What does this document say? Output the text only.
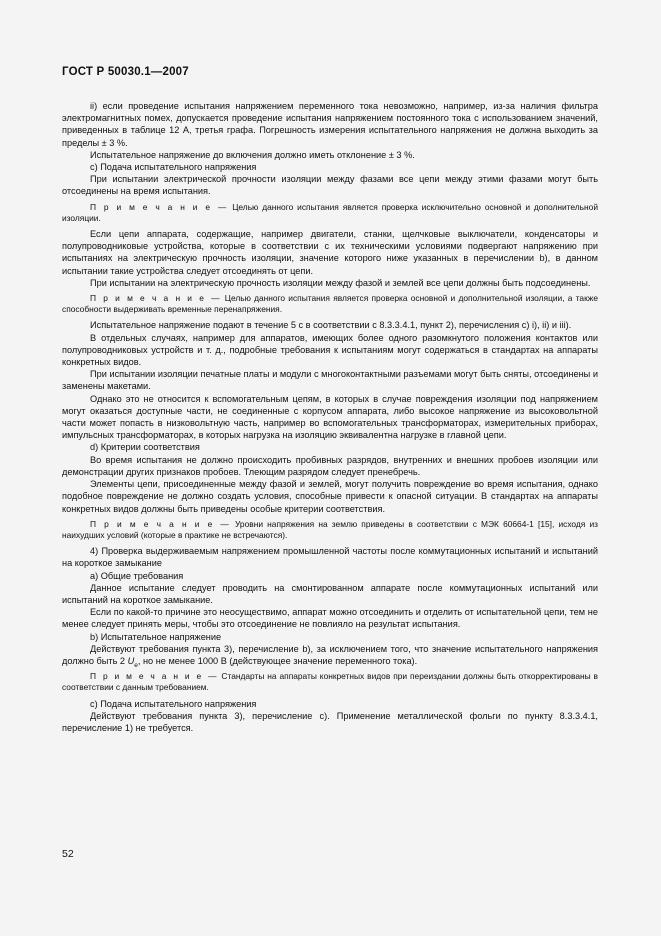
ГОСТ Р 50030.1—2007

ii) если проведение испытания напряжением переменного тока невозможно, например, из-за наличия фильтра электромагнитных помех, допускается проведение испытания напряжением постоянного тока с использованием значений, приведенных в таблице 12 А, третья графа. Погрешность измерения испытательного напряжения не должна выходить за пределы ± 3 %.

Испытательное напряжение до включения должно иметь отклонение ± 3 %.

с) Подача испытательного напряжения

При испытании электрической прочности изоляции между фазами все цепи между этими фазами могут быть отсоединены на время испытания.

П р и м е ч а н и е — Целью данного испытания является проверка исключительно основной и дополнительной изоляции.

Если цепи аппарата, содержащие, например двигатели, станки, щелчковые выключатели, конденсаторы и полупроводниковые устройства, которые в соответствии с их техническими условиями подвергают напряжению при испытаниях на электрическую прочность изоляции, значение которого ниже указанных в перечислении b), в данном испытании такие устройства следует отсоединять от цепи.

При испытании на электрическую прочность изоляции между фазой и землей все цепи должны быть подсоединены.

П р и м е ч а н и е — Целью данного испытания является проверка основной и дополнительной изоляции, а также способности выдерживать временные перенапряжения.

Испытательное напряжение подают в течение 5 с в соответствии с 8.3.3.4.1, пункт 2), перечисления с) i), ii) и iii).

В отдельных случаях, например для аппаратов, имеющих более одного разомкнутого положения контактов или полупроводниковых устройств и т. д., подробные требования к испытаниям могут содержаться в стандартах на аппараты конкретных видов.

При испытании изоляции печатные платы и модули с многоконтактными разъемами могут быть сняты, отсоединены и заменены макетами.

Однако это не относится к вспомогательным цепям, в которых в случае повреждения изоляции под напряжением могут оказаться доступные части, не соединенные с корпусом аппарата, либо высокое напряжение из высоковольтной части может попасть в низковольтную часть, например во вспомогательных трансформаторах, измерительных приборах, импульсных трансформаторах, в которых нагрузка на изоляцию эквивалентна нагрузке в главной цепи.

d) Критерии соответствия

Во время испытания не должно происходить пробивных разрядов, внутренних и внешних пробоев изоляции или демонстрации других признаков пробоев. Тлеющим разрядом следует пренебречь.

Элементы цепи, присоединенные между фазой и землей, могут получить повреждение во время испытания, однако подобное повреждение не должно создать условия, способные привести к опасной ситуации. В стандартах на аппараты конкретных видов должны быть приведены особые критерии соответствия.

П р и м е ч а н и е — Уровни напряжения на землю приведены в соответствии с МЭК 60664-1 [15], исходя из наихудших условий (которые в практике не встречаются).

4) Проверка выдерживаемым напряжением промышленной частоты после коммутационных испытаний и испытаний на короткое замыкание

а) Общие требования

Данное испытание следует проводить на смонтированном аппарате после коммутационных испытаний или испытаний на короткое замыкание.

Если по какой-то причине это неосуществимо, аппарат можно отсоединить и отделить от испытательной цепи, тем не менее следует принять меры, чтобы это отсоединение не повлияло на результат испытания.

b) Испытательное напряжение

Действуют требования пункта 3), перечисление b), за исключением того, что значение испытательного напряжения должно быть 2 $U_e$, но не менее 1000 В (действующее значение переменного тока).

П р и м е ч а н и е — Стандарты на аппараты конкретных видов при переиздании должны быть откорректированы в соответствии с данным требованием.

с) Подача испытательного напряжения

Действуют требования пункта 3), перечисление с). Применение металлической фольги по пункту 8.3.3.4.1, перечисление 1) не требуется.

52
